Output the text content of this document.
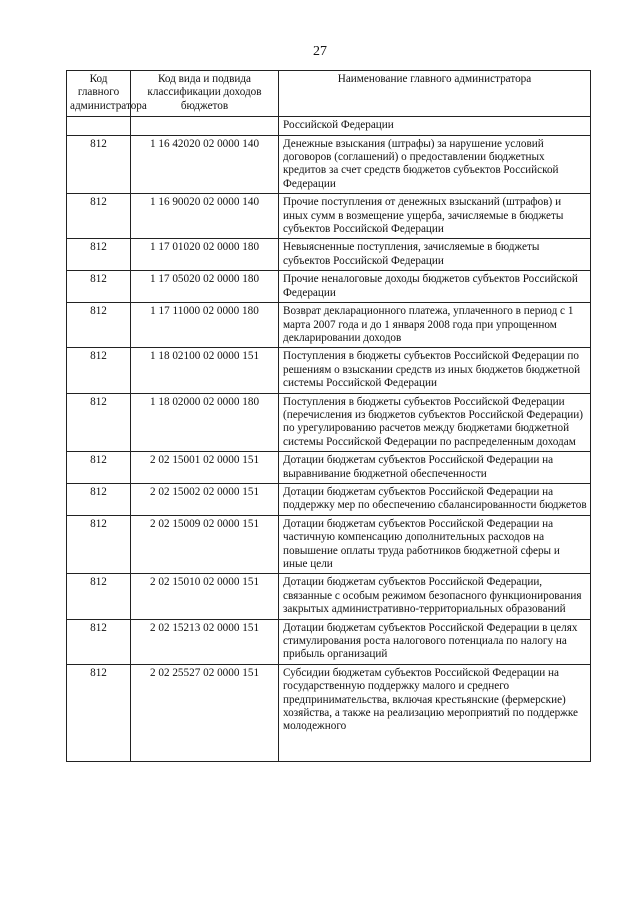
27
Код главного администратора	Код вида и подвида классификации доходов бюджетов	Наименование главного администратора
		Российской Федерации
812	1 16 42020 02 0000 140	Денежные взыскания (штрафы) за нарушение условий договоров (соглашений) о предоставлении бюджетных кредитов за счет средств бюджетов субъектов Российской Федерации
812	1 16 90020 02 0000 140	Прочие поступления от денежных взысканий (штрафов) и иных сумм в возмещение ущерба, зачисляемые в бюджеты субъектов Российской Федерации
812	1 17 01020 02 0000 180	Невыясненные поступления, зачисляемые в бюджеты субъектов Российской Федерации
812	1 17 05020 02 0000 180	Прочие неналоговые доходы бюджетов субъектов Российской Федерации
812	1 17 11000 02 0000 180	Возврат декларационного платежа, уплаченного в период с 1 марта 2007 года и до 1 января 2008 года при упрощенном декларировании доходов
812	1 18 02100 02 0000 151	Поступления в бюджеты субъектов Российской Федерации по решениям о взыскании средств из иных бюджетов бюджетной системы Российской Федерации
812	1 18 02000 02 0000 180	Поступления в бюджеты субъектов Российской Федерации (перечисления из бюджетов субъектов Российской Федерации) по урегулированию расчетов между бюджетами бюджетной системы Российской Федерации по распределенным доходам
812	2 02 15001 02 0000 151	Дотации бюджетам субъектов Российской Федерации на выравнивание бюджетной обеспеченности
812	2 02 15002 02 0000 151	Дотации бюджетам субъектов Российской Федерации на поддержку мер по обеспечению сбалансированности бюджетов
812	2 02 15009 02 0000 151	Дотации бюджетам субъектов Российской Федерации на частичную компенсацию дополнительных расходов на повышение оплаты труда работников бюджетной сферы и иные цели
812	2 02 15010 02 0000 151	Дотации бюджетам субъектов Российской Федерации, связанные с особым режимом безопасного функционирования закрытых административно-территориальных образований
812	2 02 15213 02 0000 151	Дотации бюджетам субъектов Российской Федерации в целях стимулирования роста налогового потенциала по налогу на прибыль организаций
812	2 02 25527 02 0000 151	Субсидии бюджетам субъектов Российской Федерации на государственную поддержку малого и среднего предпринимательства, включая крестьянские (фермерские) хозяйства, а также на реализацию мероприятий по поддержке молодежного
